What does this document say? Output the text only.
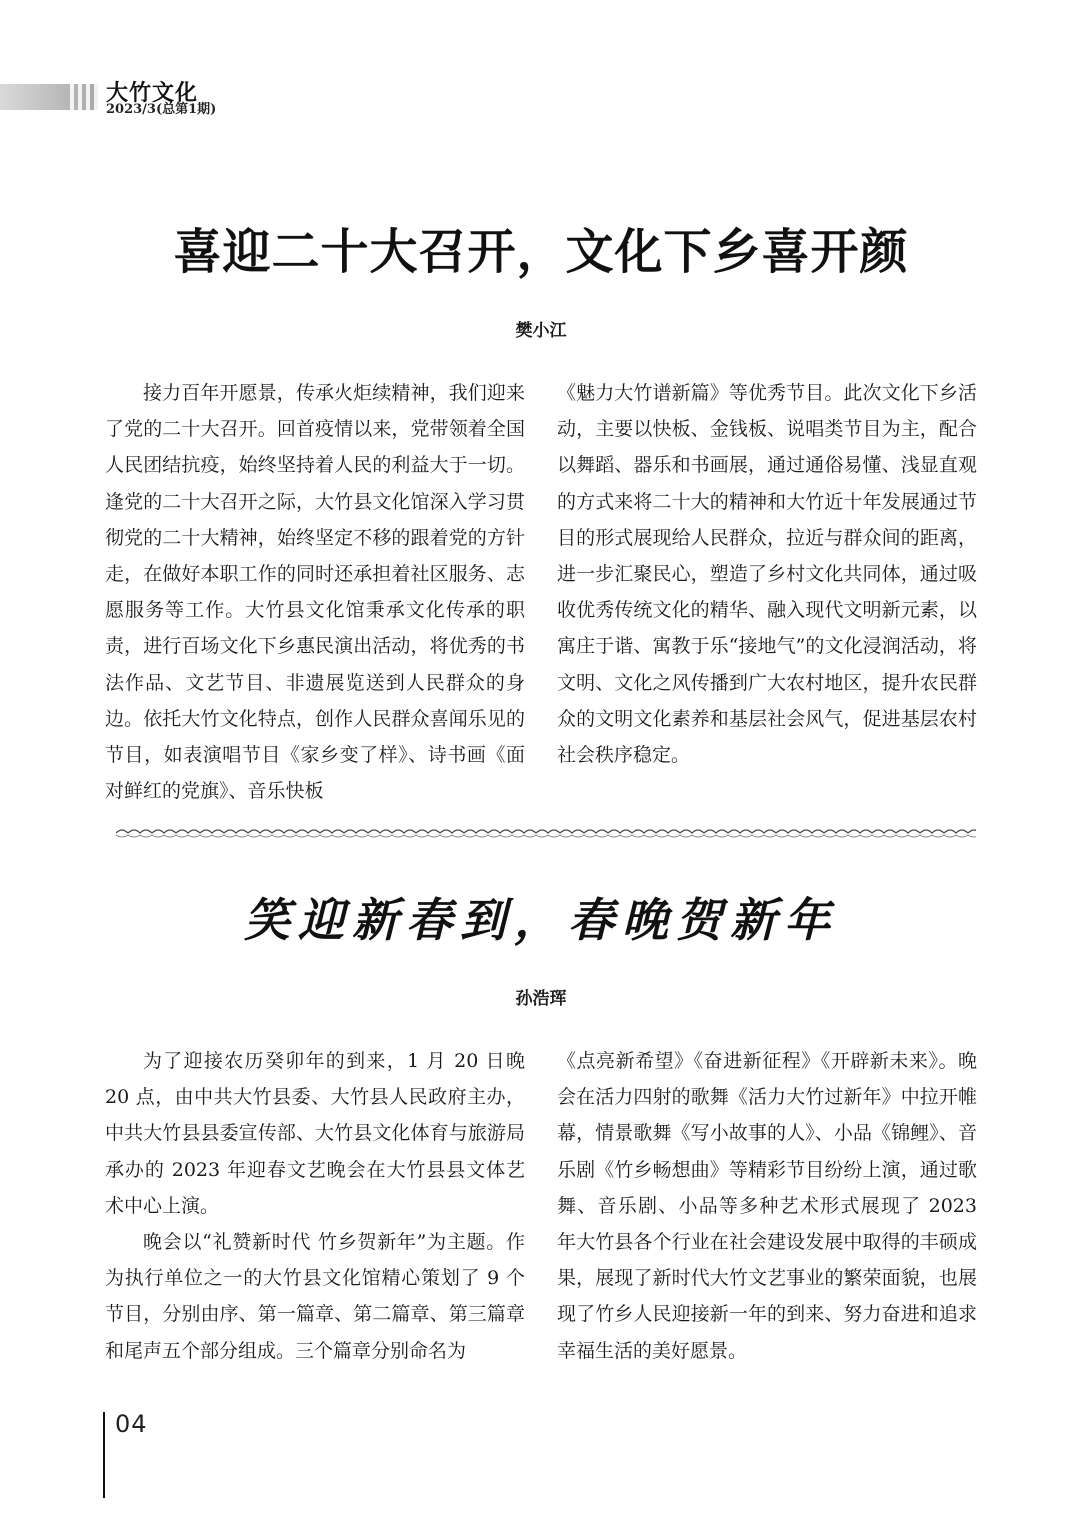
大竹文化
2023/3(总第1期)
喜迎二十大召开，文化下乡喜开颜
樊小江

接力百年开愿景，传承火炬续精神，我们迎来了党的二十大召开。回首疫情以来，党带领着全国人民团结抗疫，始终坚持着人民的利益大于一切。逢党的二十大召开之际，大竹县文化馆深入学习贯彻党的二十大精神，始终坚定不移的跟着党的方针走，在做好本职工作的同时还承担着社区服务、志愿服务等工作。大竹县文化馆秉承文化传承的职责，进行百场文化下乡惠民演出活动，将优秀的书法作品、文艺节目、非遗展览送到人民群众的身边。依托大竹文化特点，创作人民群众喜闻乐见的节目，如表演唱节目《家乡变了样》、诗书画《面对鲜红的党旗》、音乐快板

《魅力大竹谱新篇》等优秀节目。此次文化下乡活动，主要以快板、金钱板、说唱类节目为主，配合以舞蹈、器乐和书画展，通过通俗易懂、浅显直观的方式来将二十大的精神和大竹近十年发展通过节目的形式展现给人民群众，拉近与群众间的距离，进一步汇聚民心，塑造了乡村文化共同体，通过吸收优秀传统文化的精华、融入现代文明新元素，以寓庄于谐、寓教于乐“接地气”的文化浸润活动，将文明、文化之风传播到广大农村地区，提升农民群众的文明文化素养和基层社会风气，促进基层农村社会秩序稳定。

笑迎新春到，春晚贺新年
孙浩珲

为了迎接农历癸卯年的到来，1 月 20 日晚 20 点，由中共大竹县委、大竹县人民政府主办，中共大竹县县委宣传部、大竹县文化体育与旅游局承办的 2023 年迎春文艺晚会在大竹县县文体艺术中心上演。

晚会以“礼赞新时代 竹乡贺新年”为主题。作为执行单位之一的大竹县文化馆精心策划了 9 个节目，分别由序、第一篇章、第二篇章、第三篇章和尾声五个部分组成。三个篇章分别命名为

《点亮新希望》《奋进新征程》《开辟新未来》。晚会在活力四射的歌舞《活力大竹过新年》中拉开帷幕，情景歌舞《写小故事的人》、小品《锦鲤》、音乐剧《竹乡畅想曲》等精彩节目纷纷上演，通过歌舞、音乐剧、小品等多种艺术形式展现了 2023 年大竹县各个行业在社会建设发展中取得的丰硕成果，展现了新时代大竹文艺事业的繁荣面貌，也展现了竹乡人民迎接新一年的到来、努力奋进和追求幸福生活的美好愿景。

04
